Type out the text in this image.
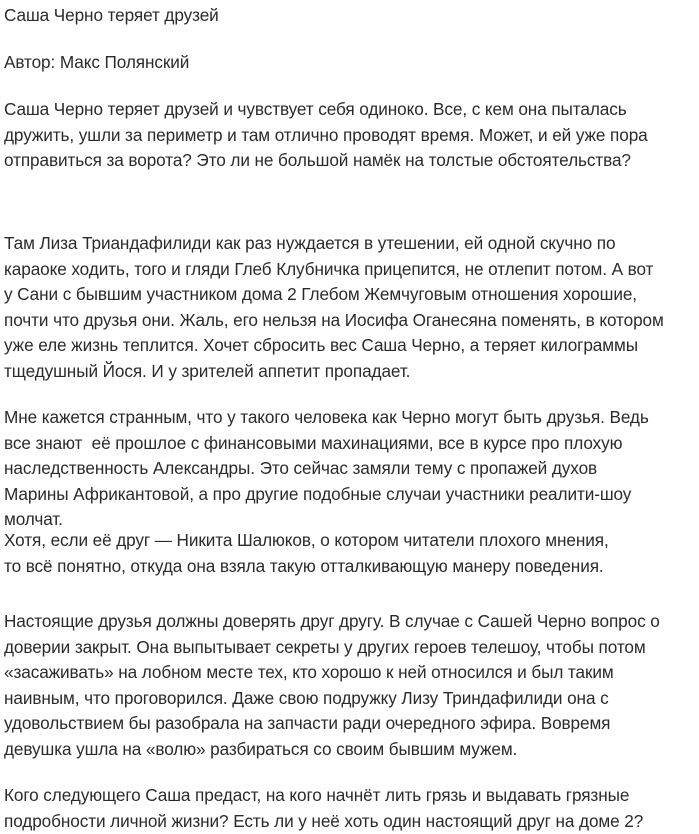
Саша Черно теряет друзей

Автор: Макс Полянский

Саша Черно теряет друзей и чувствует себя одиноко. Все, с кем она пыталась
дружить, ушли за периметр и там отлично проводят время. Может, и ей уже пора
отправиться за ворота? Это ли не большой намёк на толстые обстоятельства?

Там Лиза Триандафилиди как раз нуждается в утешении, ей одной скучно по
караоке ходить, того и гляди Глеб Клубничка прицепится, не отлепит потом. А вот
у Сани с бывшим участником дома 2 Глебом Жемчуговым отношения хорошие,
почти что друзья они. Жаль, его нельзя на Иосифа Оганесяна поменять, в котором
уже еле жизнь теплится. Хочет сбросить вес Саша Черно, а теряет килограммы
тщедушный Йося. И у зрителей аппетит пропадает.

Мне кажется странным, что у такого человека как Черно могут быть друзья. Ведь
все знают  её прошлое с финансовыми махинациями, все в курсе про плохую
наследственность Александры. Это сейчас замяли тему с пропажей духов
Марины Африкантовой, а про другие подобные случаи участники реалити-шоу
молчат.

Хотя, если её друг — Никита Шалюков, о котором читатели плохого мнения,
то всё понятно, откуда она взяла такую отталкивающую манеру поведения.

Настоящие друзья должны доверять друг другу. В случае с Сашей Черно вопрос о
доверии закрыт. Она выпытывает секреты у других героев телешоу, чтобы потом
«засаживать» на лобном месте тех, кто хорошо к ней относился и был таким
наивным, что проговорился. Даже свою подружку Лизу Триндафилиди она с
удовольствием бы разобрала на запчасти ради очередного эфира. Вовремя
девушка ушла на «волю» разбираться со своим бывшим мужем.

Кого следующего Саша предаст, на кого начнёт лить грязь и выдавать грязные
подробности личной жизни? Есть ли у неё хоть один настоящий друг на доме 2?
